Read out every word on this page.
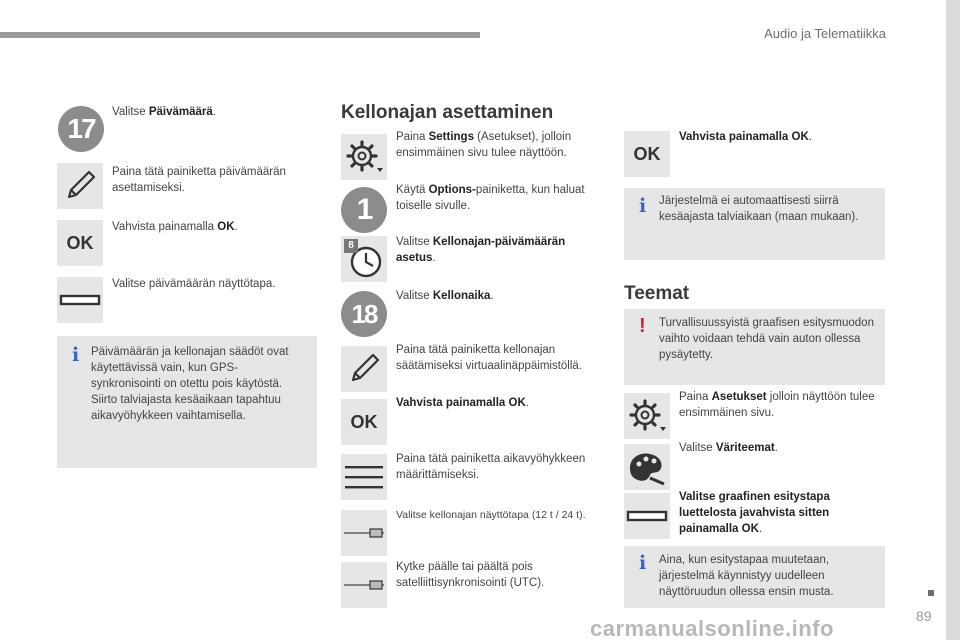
Audio ja Telematiikka
89
17
Valitse Päivämäärä.
Paina tätä painiketta päivämäärän asettamiseksi.
OK
Vahvista painamalla OK.
Valitse päivämäärän näyttötapa.
i Päivämäärän ja kellonajan säädöt ovat käytettävissä vain, kun GPS-synkronisointi on otettu pois käytöstä. Siirto talviajasta kesäaikaan tapahtuu aikavyöhykkeen vaihtamisella.
Kellonajan asettaminen
Paina Settings (Asetukset), jolloin ensimmäinen sivu tulee näyttöön.
1
Käytä Options-painiketta, kun haluat toiselle sivulle.
8	Valitse Kellonajan-päivämäärän asetus.
18
Valitse Kellonaika.
Paina tätä painiketta kellonajan säätämiseksi virtuaalinäppäimistöllä.
OK
Vahvista painamalla OK.
Paina tätä painiketta aikavyöhykkeen määrittämiseksi.
Valitse kellonajan näyttötapa (12 t / 24 t).
Kytke päälle tai päältä pois satelliittisynkronisointi (UTC).
OK
Vahvista painamalla OK.
i Järjestelmä ei automaattisesti siirrä kesäajasta talviaikaan (maan mukaan).
Teemat
! Turvallisuussyistä graafisen esitysmuodon vaihto voidaan tehdä vain auton ollessa pysäytetty.
Paina Asetukset jolloin näyttöön tulee ensimmäinen sivu.
Valitse Väriteemat.
Valitse graafinen esitystapa luettelosta javahvista sitten painamalla OK.
i Aina, kun esitystapaa muutetaan, järjestelmä käynnistyy uudelleen näyttöruudun ollessa ensin musta.
carmanualsonline.info
